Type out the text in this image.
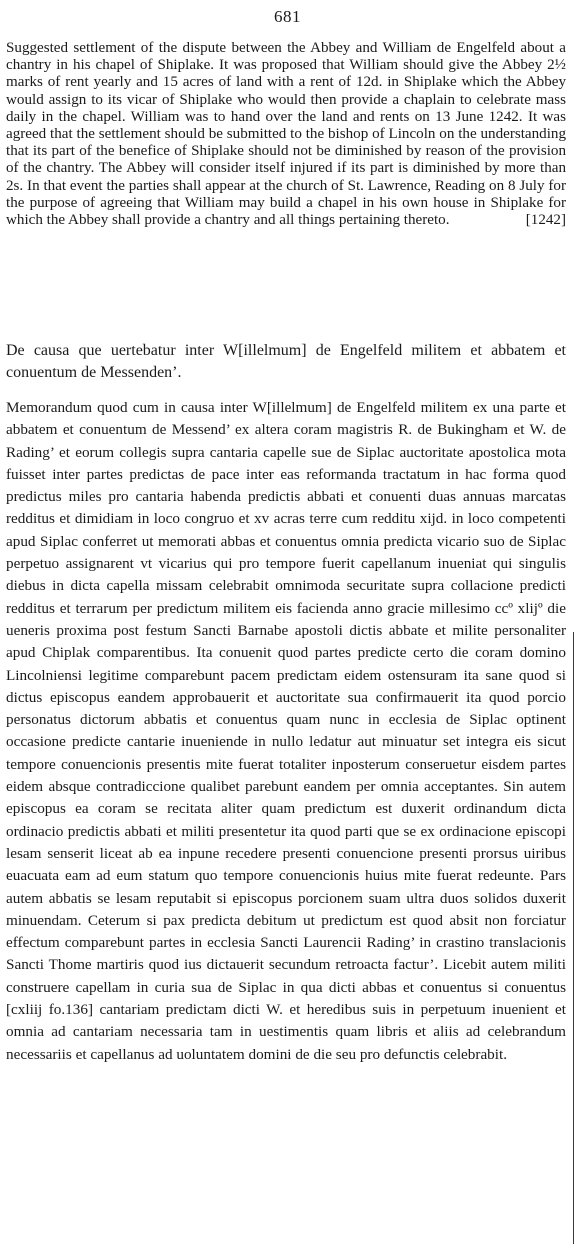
681

Suggested settlement of the dispute between the Abbey and William de Engelfeld about a chantry in his chapel of Shiplake. It was proposed that William should give the Abbey 2½ marks of rent yearly and 15 acres of land with a rent of 12d. in Shiplake which the Abbey would assign to its vicar of Shiplake who would then provide a chaplain to celebrate mass daily in the chapel. William was to hand over the land and rents on 13 June 1242. It was agreed that the settlement should be submitted to the bishop of Lincoln on the understanding that its part of the benefice of Shiplake should not be diminished by reason of the provision of the chantry. The Abbey will consider itself injured if its part is diminished by more than 2s. In that event the parties shall appear at the church of St. Lawrence, Reading on 8 July for the purpose of agreeing that William may build a chapel in his own house in Shiplake for which the Abbey shall provide a chantry and all things pertaining thereto.	[1242]

De causa que uertebatur inter W[illelmum] de Engelfeld militem et abbatem et conuentum de Messenden’.

Memorandum quod cum in causa inter W[illelmum] de Engelfeld militem ex una parte et abbatem et conuentum de Messend’ ex altera coram magistris R. de Bukingham et W. de Rading’ et eorum collegis supra cantaria capelle sue de Siplac auctoritate apostolica mota fuisset inter partes predictas de pace inter eas reformanda tractatum in hac forma quod predictus miles pro cantaria habenda predictis abbati et conuenti duas annuas marcatas redditus et dimidiam in loco congruo et xv acras terre cum redditu xijd. in loco competenti apud Siplac conferret ut memorati abbas et conuentus omnia predicta vicario suo de Siplac perpetuo assignarent vt vicarius qui pro tempore fuerit capellanum inueniat qui singulis diebus in dicta capella missam celebrabit omnimoda securitate supra collacione predicti redditus et terrarum per predictum militem eis facienda anno gracie millesimo ccº xlijº die ueneris proxima post festum Sancti Barnabe apostoli dictis abbate et milite personaliter apud Chiplak comparentibus. Ita conuenit quod partes predicte certo die coram domino Lincolniensi legitime comparebunt pacem predictam eidem ostensuram ita sane quod si dictus episcopus eandem approbauerit et auctoritate sua confirmauerit ita quod porcio personatus dictorum abbatis et conuentus quam nunc in ecclesia de Siplac optinent occasione predicte cantarie inueniende in nullo ledatur aut minuatur set integra eis sicut tempore conuencionis presentis mite fuerat totaliter inposterum conseruetur eisdem partes eidem absque contradiccione qualibet parebunt eandem per omnia acceptantes. Sin autem episcopus ea coram se recitata aliter quam predictum est duxerit ordinandum dicta ordinacio predictis abbati et militi presentetur ita quod parti que se ex ordinacione episcopi lesam senserit liceat ab ea inpune recedere presenti conuencione presenti prorsus uiribus euacuata eam ad eum statum quo tempore conuencionis huius mite fuerat redeunte. Pars autem abbatis se lesam reputabit si episcopus porcionem suam ultra duos solidos duxerit minuendam. Ceterum si pax predicta debitum ut predictum est quod absit non forciatur effectum comparebunt partes in ecclesia Sancti Laurencii Rading’ in crastino translacionis Sancti Thome martiris quod ius dictauerit secundum retroacta factur’. Licebit autem militi construere capellam in curia sua de Siplac in qua dicti abbas et conuentus si conuentus [cxliij fo.136] cantariam predictam dicti W. et heredibus suis in perpetuum inuenient et omnia ad cantariam necessaria tam in uestimentis quam libris et aliis ad celebrandum necessariis et capellanus ad uoluntatem domini de die seu pro defunctis celebrabit.
